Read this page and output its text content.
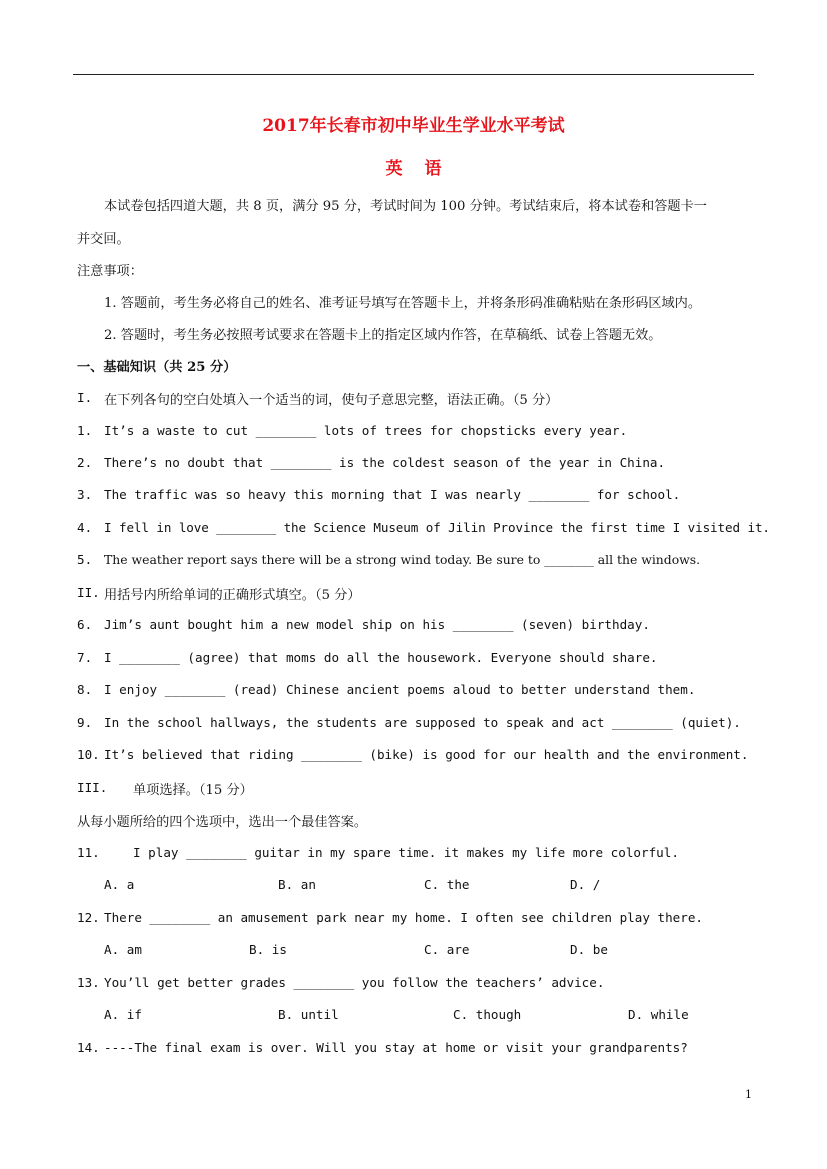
2017年长春市初中毕业生学业水平考试
英语
本试卷包括四道大题，共 8 页，满分 95 分，考试时间为 100 分钟。考试结束后，将本试卷和答题卡一
并交回。
注意事项：
1. 答题前，考生务必将自己的姓名、准考证号填写在答题卡上，并将条形码准确粘贴在条形码区域内。
2. 答题时，考生务必按照考试要求在答题卡上的指定区域内作答，在草稿纸、试卷上答题无效。
一、基础知识（共 25 分）
I. 在下列各句的空白处填入一个适当的词，使句子意思完整，语法正确。（5 分）
1. It’s a waste to cut ________ lots of trees for chopsticks every year.
2. There’s no doubt that ________ is the coldest season of the year in China.
3. The traffic was so heavy this morning that I was nearly ________ for school.
4. I fell in love ________ the Science Museum of Jilin Province the first time I visited it.
5. The weather report says there will be a strong wind today. Be sure to ________ all the windows.
II. 用括号内所给单词的正确形式填空。（5 分）
6. Jim’s aunt bought him a new model ship on his ________ (seven) birthday.
7. I ________ (agree) that moms do all the housework. Everyone should share.
8. I enjoy ________ (read) Chinese ancient poems aloud to better understand them.
9. In the school hallways, the students are supposed to speak and act ________ (quiet).
10. It’s believed that riding ________ (bike) is good for our health and the environment.
III. 单项选择。（15 分）
从每小题所给的四个选项中，选出一个最佳答案。
11.	I play ________ guitar in my spare time. it makes my life more colorful.
A. a	B. an	C. the	D. /
12. There ________ an amusement park near my home. I often see children play there.
A. am	B. is	C. are	D. be
13. You’ll get better grades ________ you follow the teachers’ advice.
A. if	B. until	C. though	D. while
14. ----The final exam is over. Will you stay at home or visit your grandparents?
1
